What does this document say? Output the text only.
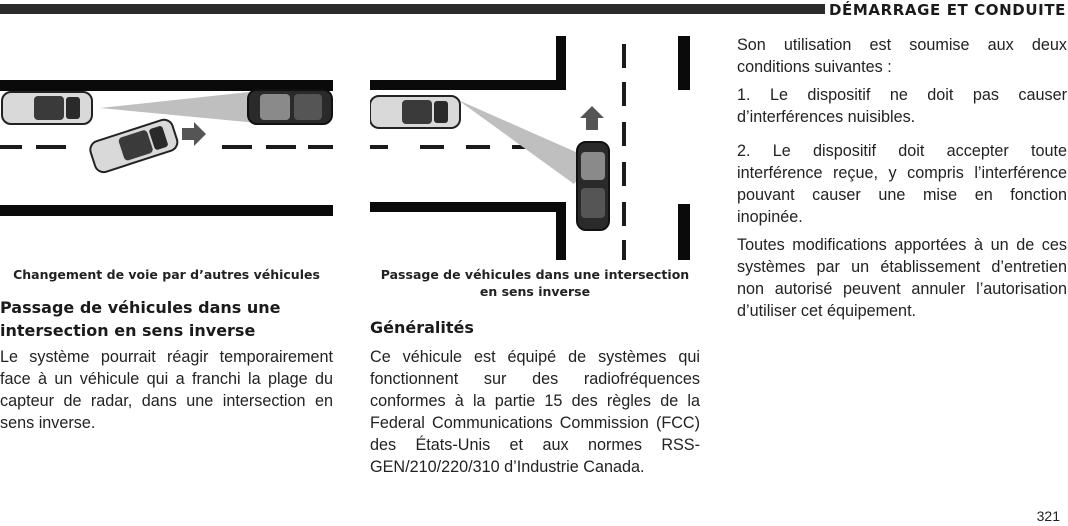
DÉMARRAGE ET CONDUITE
Changement de voie par d’autres véhicules	Passage de véhicules dans une intersection en sens inverse
Passage de véhicules dans une intersection en sens inverse

Le système pourrait réagir temporairement face à un véhicule qui a franchi la plage du capteur de radar, dans une intersection en sens inverse.

Généralités

Ce véhicule est équipé de systèmes qui fonctionnent sur des radiofréquences conformes à la partie 15 des règles de la Federal Communications Commission (FCC) des États-Unis et aux normes RSS-GEN/210/220/310 d’Industrie Canada.

Son utilisation est soumise aux deux conditions suivantes :

1. Le dispositif ne doit pas causer d’interférences nuisibles.

2. Le dispositif doit accepter toute interférence reçue, y compris l’interférence pouvant causer une mise en fonction inopinée.

Toutes modifications apportées à un de ces systèmes par un établissement d’entretien non autorisé peuvent annuler l’autorisation d’utiliser cet équipement.

321
